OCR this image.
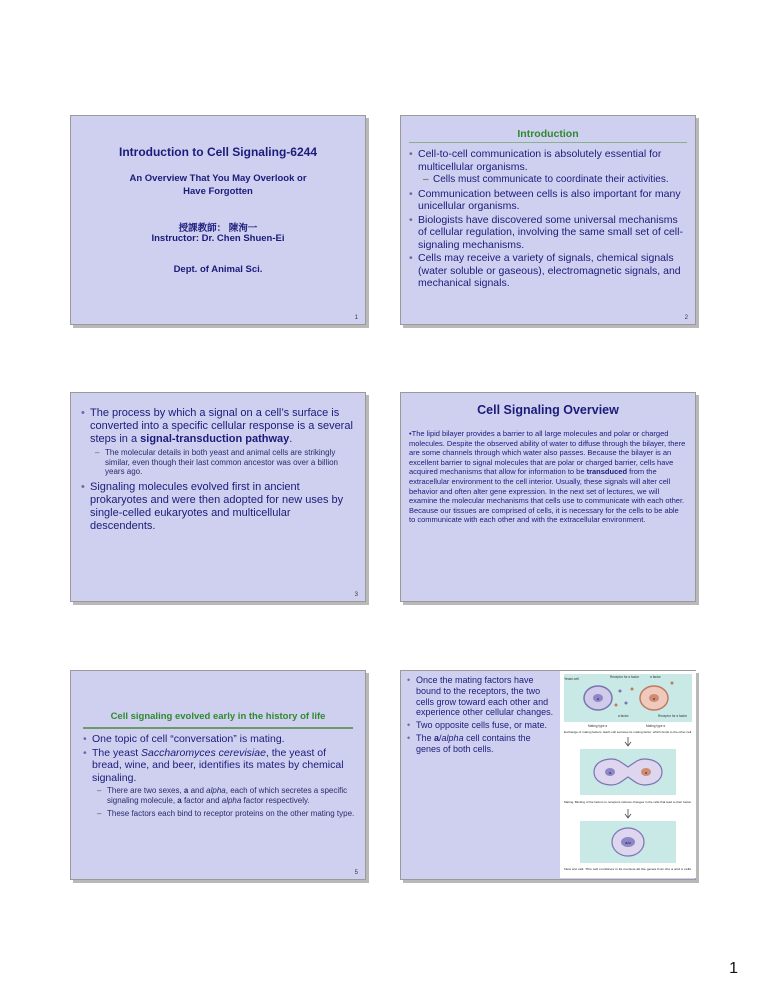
Introduction to Cell Signaling-6244
An Overview That You May Overlook or Have Forgotten
授課教師： 陳洵一
Instructor: Dr. Chen Shuen-Ei
Dept. of Animal Sci.
1
Introduction
• Cell-to-cell communication is absolutely essential for multicellular organisms.
– Cells must communicate to coordinate their activities.
• Communication between cells is also important for many unicellular organisms.
• Biologists have discovered some universal mechanisms of cellular regulation, involving the same small set of cell-signaling mechanisms.
• Cells may receive a variety of signals, chemical signals (water soluble or gaseous), electromagnetic signals, and mechanical signals.
2
• The process by which a signal on a cell’s surface is converted into a specific cellular response is a several steps in a signal-transduction pathway.
– The molecular details in both yeast and animal cells are strikingly similar, even though their last common ancestor was over a billion years ago.
• Signaling molecules evolved first in ancient prokaryotes and were then adopted for new uses by single-celled eukaryotes and multicellular descendents.
3
Cell Signaling Overview

•The lipid bilayer provides a barrier to all large molecules and polar or charged molecules. Despite the observed ability of water to diffuse through the bilayer, there are some channels through which water also passes. Because the bilayer is an excellent barrier to signal molecules that are polar or charged barrier, cells have acquired mechanisms that allow for information to be transduced from the extracellular environment to the cell interior. Usually, these signals will alter cell behavior and often alter gene expression. In the next set of lectures, we will examine the molecular mechanisms that cells use to communicate with each other. Because our tissues are comprised of cells, it is necessary for the cells to be able to communicate with each other and with the extracellular environment.

Cell signaling evolved early in the history of life
• One topic of cell “conversation” is mating.
• The yeast Saccharomyces cerevisiae, the yeast of bread, wine, and beer, identifies its mates by chemical signaling.
– There are two sexes, a and alpha, each of which secretes a specific signaling molecule, a factor and alpha factor respectively.
– These factors each bind to receptor proteins on the other mating type.
5
• Once the mating factors have bound to the receptors, the two cells grow toward each other and experience other cellular changes.
• Two opposite cells fuse, or mate.
• The a/alpha cell contains the genes of both cells.
a	α
Yeast cell	Receptor for α factor	α factor
a factor	Receptor for a factor
Mating type a	Mating type α
Exchange of mating factors. Each cell secretes its mating factor, which binds to the other cell.
a	α
Mating. Binding of the factors to receptors induces changes in the cells that lead to their fusion.
a/α
New a/α cell. This cell combines in its nucleus all the genes from the a and α cells.
1
